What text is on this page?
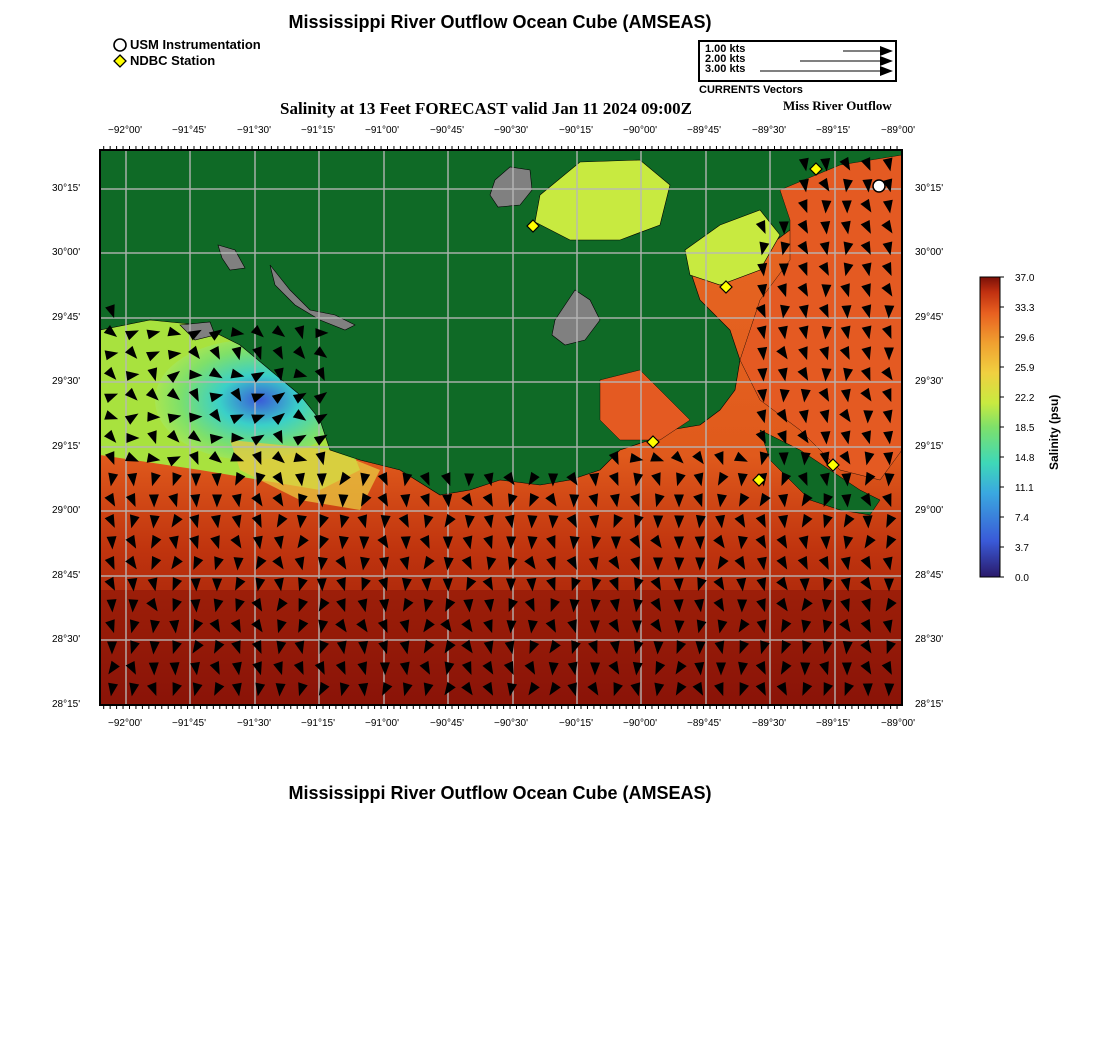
Mississippi River Outflow Ocean Cube (AMSEAS)
USM Instrumentation
NDBC Station
1.00 kts
2.00 kts
3.00 kts
CURRENTS Vectors
Salinity at 13 Feet FORECAST valid Jan 11 2024 09:00Z	Miss River Outflow
−92°00'	−91°45'	−91°30'	−91°15'	−91°00'	−90°45'	−90°30'	−90°15'	−90°00'	−89°45'	−89°30'	−89°15'	−89°00'
−92°00'	−91°45'	−91°30'	−91°15'	−91°00'	−90°45'	−90°30'	−90°15'	−90°00'	−89°45'	−89°30'	−89°15'	−89°00'
30°15'
30°00'
29°45'
29°30'
29°15'
29°00'
28°45'
28°30'
28°15'
30°15'
30°00'
29°45'
29°30'
29°15'
29°00'
28°45'
28°30'
28°15'
37.0
33.3
29.6
25.9
22.2
18.5
14.8
11.1
7.4
3.7
0.0
Salinity (psu)
Mississippi River Outflow Ocean Cube (AMSEAS)
